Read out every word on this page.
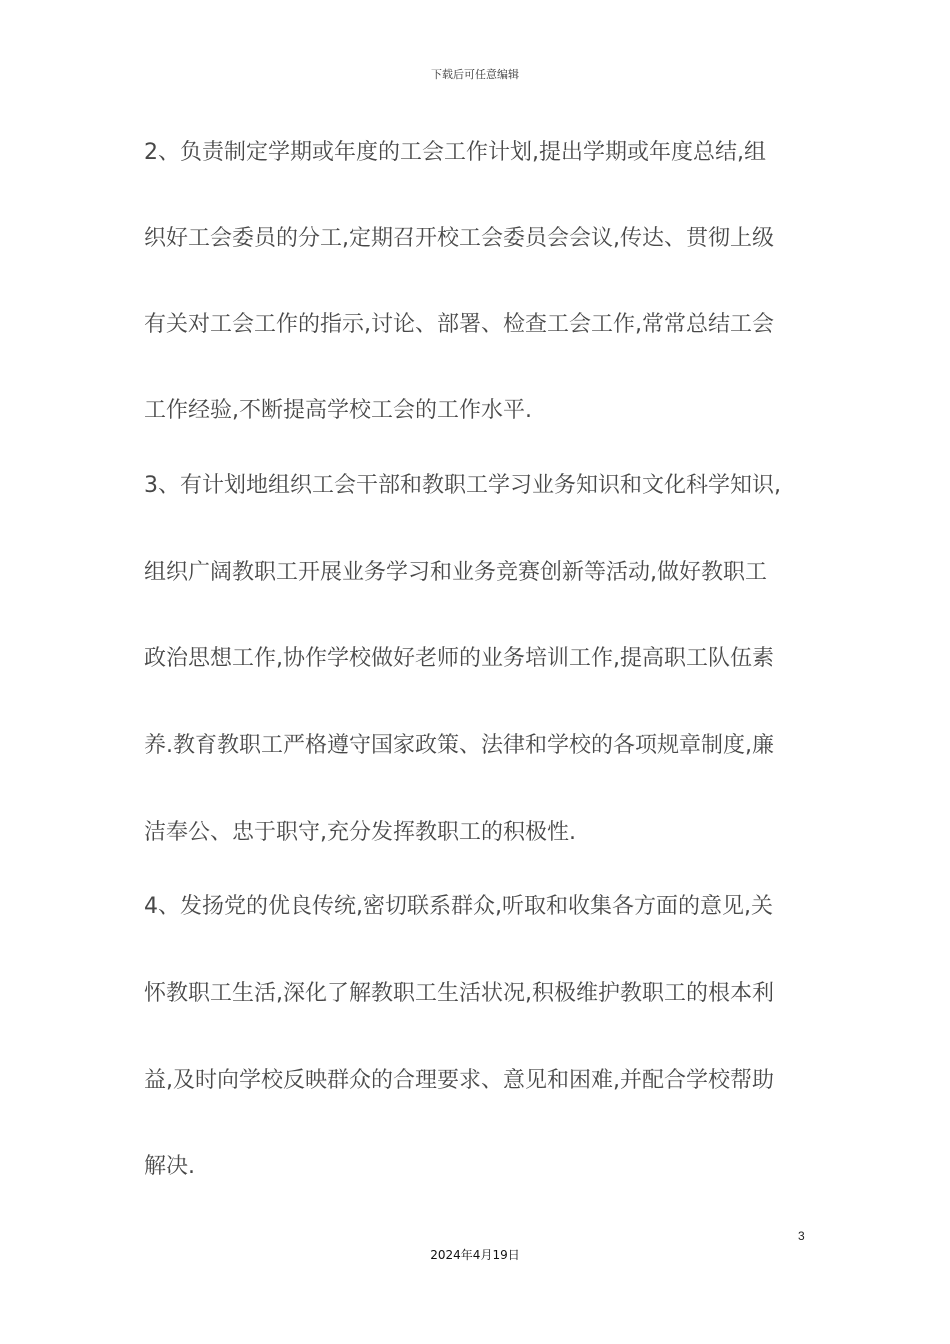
下载后可任意编辑
2、负责制定学期或年度的工会工作计划,提出学期或年度总结,组
织好工会委员的分工,定期召开校工会委员会会议,传达、贯彻上级
有关对工会工作的指示,讨论、部署、检查工会工作,常常总结工会
工作经验,不断提高学校工会的工作水平.
3、有计划地组织工会干部和教职工学习业务知识和文化科学知识,
组织广阔教职工开展业务学习和业务竞赛创新等活动,做好教职工
政治思想工作,协作学校做好老师的业务培训工作,提高职工队伍素
养.教育教职工严格遵守国家政策、法律和学校的各项规章制度,廉
洁奉公、忠于职守,充分发挥教职工的积极性.
4、发扬党的优良传统,密切联系群众,听取和收集各方面的意见,关
怀教职工生活,深化了解教职工生活状况,积极维护教职工的根本利
益,及时向学校反映群众的合理要求、意见和困难,并配合学校帮助
解决.
3
2024年4月19日
